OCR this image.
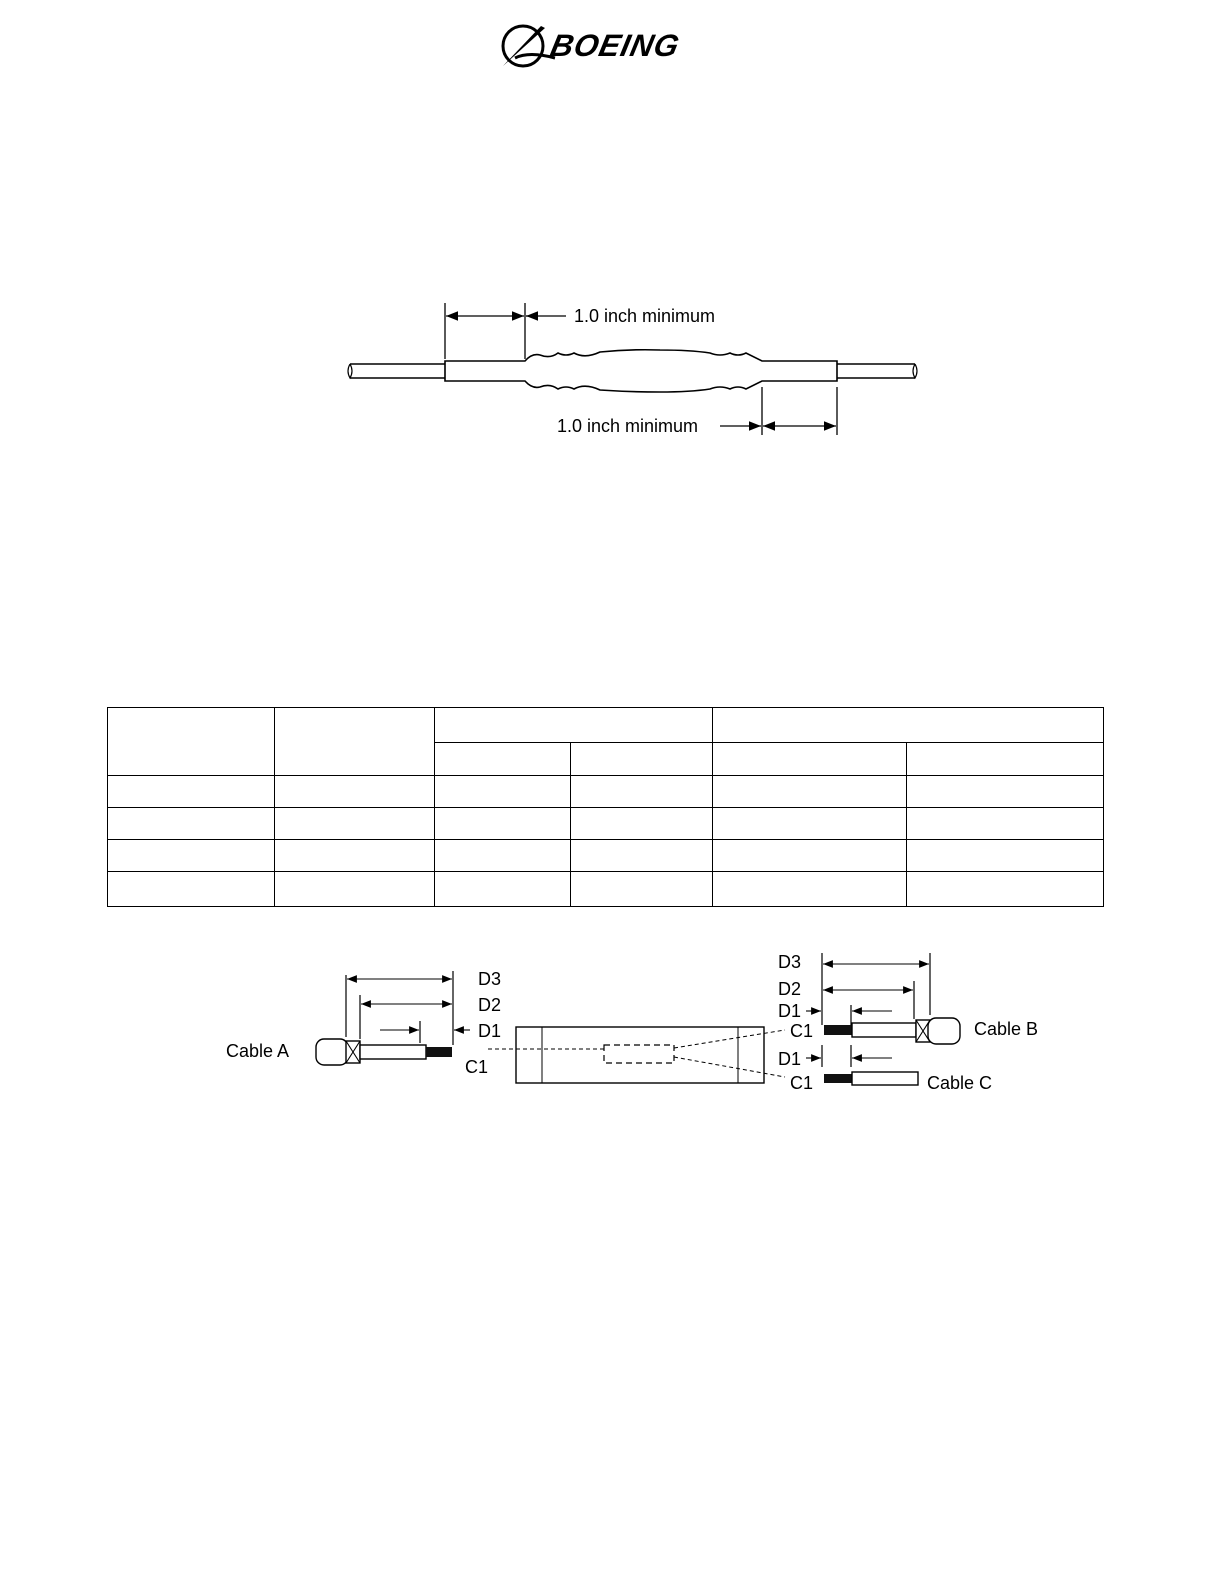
BOEING
1.0 inch minimum
1.0 inch minimum

Cable A
D3
D2
D1
C1
D3
D2
D1
C1
D1
C1
Cable B
Cable C
